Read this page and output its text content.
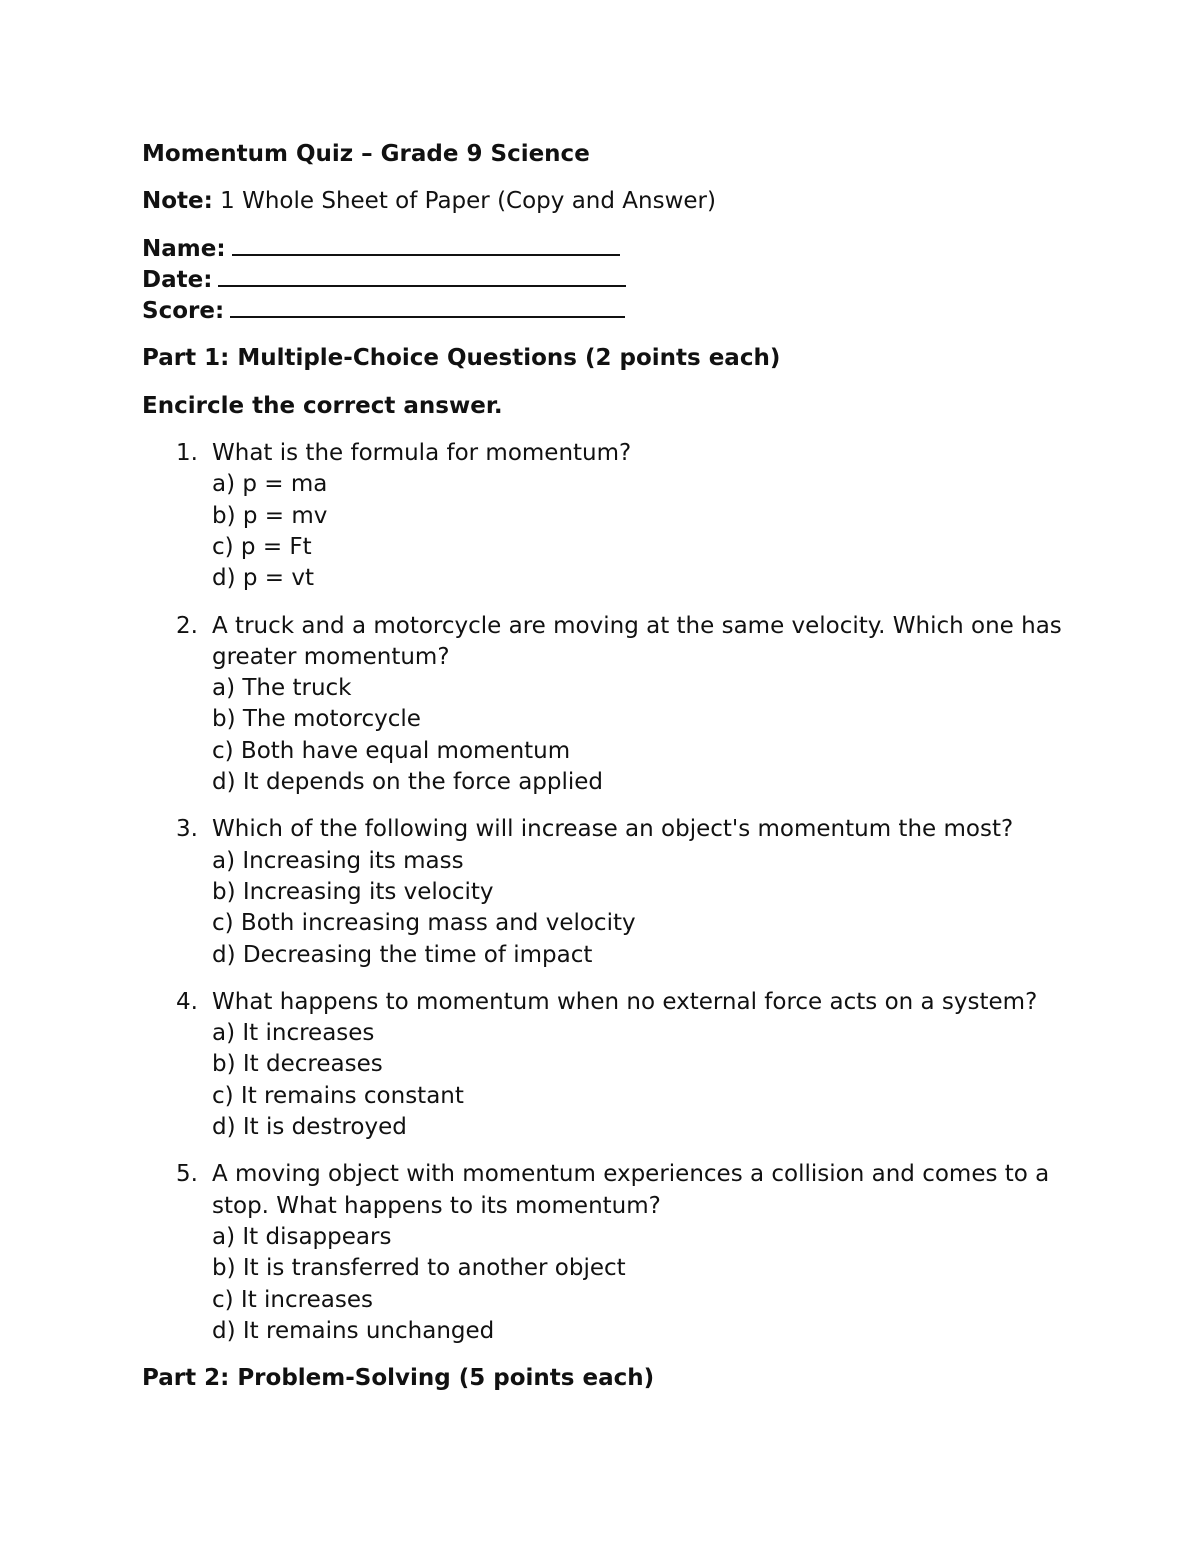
Momentum Quiz – Grade 9 Science
Note: 1 Whole Sheet of Paper (Copy and Answer)
Name:
Date:
Score:
Part 1: Multiple-Choice Questions (2 points each)
Encircle the correct answer.
1. What is the formula for momentum?
a) p = ma
b) p = mv
c) p = Ft
d) p = vt
2. A truck and a motorcycle are moving at the same velocity. Which one has greater momentum?
a) The truck
b) The motorcycle
c) Both have equal momentum
d) It depends on the force applied
3. Which of the following will increase an object's momentum the most?
a) Increasing its mass
b) Increasing its velocity
c) Both increasing mass and velocity
d) Decreasing the time of impact
4. What happens to momentum when no external force acts on a system?
a) It increases
b) It decreases
c) It remains constant
d) It is destroyed
5. A moving object with momentum experiences a collision and comes to a stop. What happens to its momentum?
a) It disappears
b) It is transferred to another object
c) It increases
d) It remains unchanged
Part 2: Problem-Solving (5 points each)
